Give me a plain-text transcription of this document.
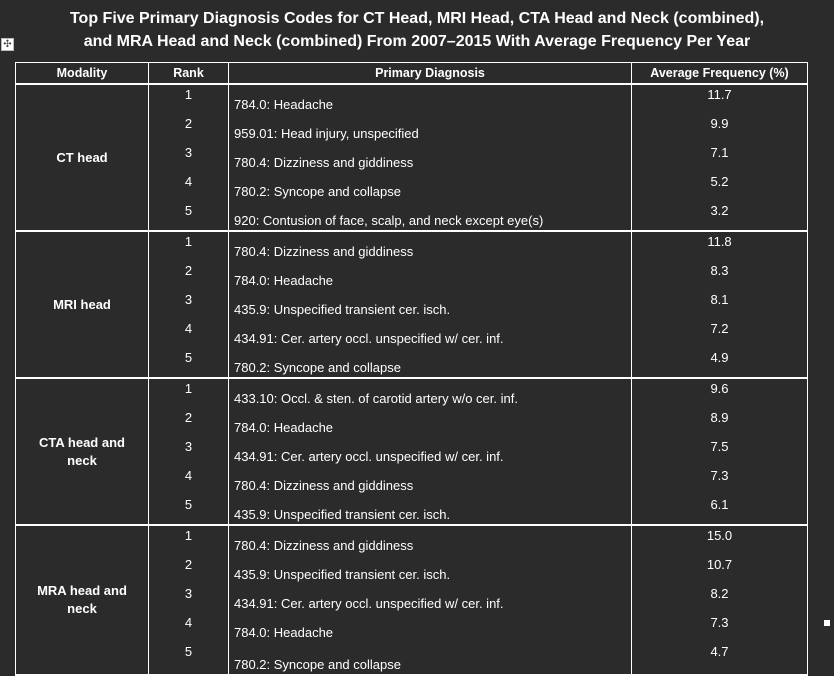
Top Five Primary Diagnosis Codes for CT Head, MRI Head, CTA Head and Neck (combined),
and MRA Head and Neck (combined) From 2007–2015 With Average Frequency Per Year
✣
Modality	Rank	Primary Diagnosis	Average Frequency (%)
CT head	1	784.0: Headache	11.7
	2	959.01: Head injury, unspecified	9.9
	3	780.4: Dizziness and giddiness	7.1
	4	780.2: Syncope and collapse	5.2
	5	920: Contusion of face, scalp, and neck except eye(s)	3.2
MRI head	1	780.4: Dizziness and giddiness	11.8
	2	784.0: Headache	8.3
	3	435.9: Unspecified transient cer. isch.	8.1
	4	434.91: Cer. artery occl. unspecified w/ cer. inf.	7.2
	5	780.2: Syncope and collapse	4.9
CTA head and neck	1	433.10: Occl. & sten. of carotid artery w/o cer. inf.	9.6
	2	784.0: Headache	8.9
	3	434.91: Cer. artery occl. unspecified w/ cer. inf.	7.5
	4	780.4: Dizziness and giddiness	7.3
	5	435.9: Unspecified transient cer. isch.	6.1
MRA head and neck	1	780.4: Dizziness and giddiness	15.0
	2	435.9: Unspecified transient cer. isch.	10.7
	3	434.91: Cer. artery occl. unspecified w/ cer. inf.	8.2
	4	784.0: Headache	7.3
	5	780.2: Syncope and collapse	4.7
